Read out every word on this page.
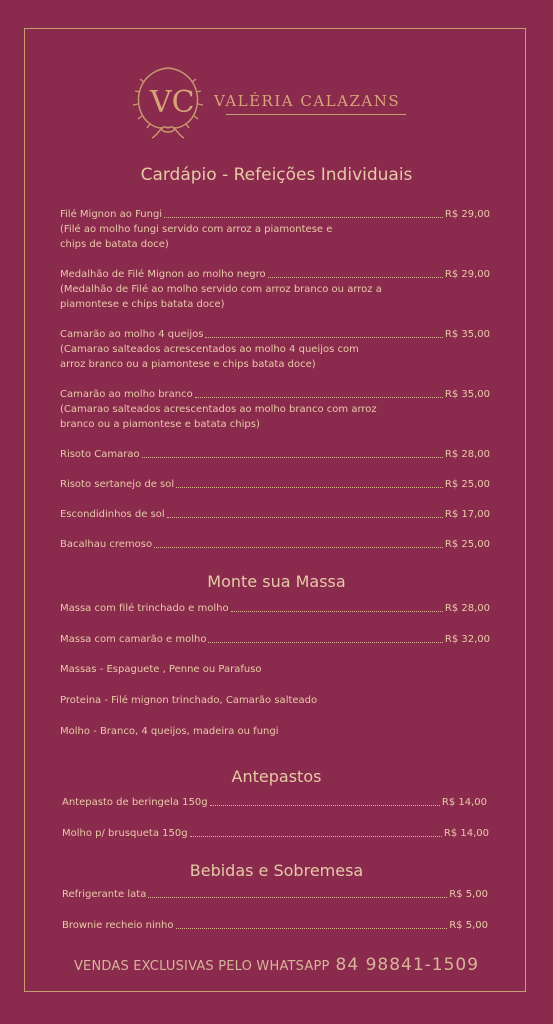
VC VALÉRIA CALAZANS
Cardápio - Refeições Individuais
Filé Mignon ao Fungi	R$ 29,00
(Filé ao molho fungi servido com arroz a piamontese e chips de batata doce)
Medalhão de Filé Mignon ao molho negro	R$ 29,00
(Medalhão de Filé ao molho servido com arroz branco ou arroz a piamontese e chips batata doce)
Camarão ao molho 4 queijos	R$ 35,00
(Camarao salteados acrescentados ao molho 4 queijos com arroz branco ou a piamontese e chips batata doce)
Camarão ao molho branco	R$ 35,00
(Camarao salteados acrescentados ao molho branco com arroz branco ou a piamontese e batata chips)
Risoto Camarao	R$ 28,00
Risoto sertanejo de sol	R$ 25,00
Escondidinhos de sol	R$ 17,00
Bacalhau cremoso	R$ 25,00
Monte sua Massa
Massa com filé trinchado e molho	R$ 28,00
Massa com camarão e molho	R$ 32,00
Massas - Espaguete , Penne ou Parafuso
Proteina - Filé mignon trinchado, Camarão salteado
Molho - Branco, 4 queijos, madeira ou fungi
Antepastos
Antepasto de beringela 150g	R$ 14,00
Molho p/ brusqueta 150g	R$ 14,00
Bebidas e Sobremesa
Refrigerante lata	R$ 5,00
Brownie recheio ninho	R$ 5,00
VENDAS EXCLUSIVAS PELO WHATSAPP 84 98841-1509
